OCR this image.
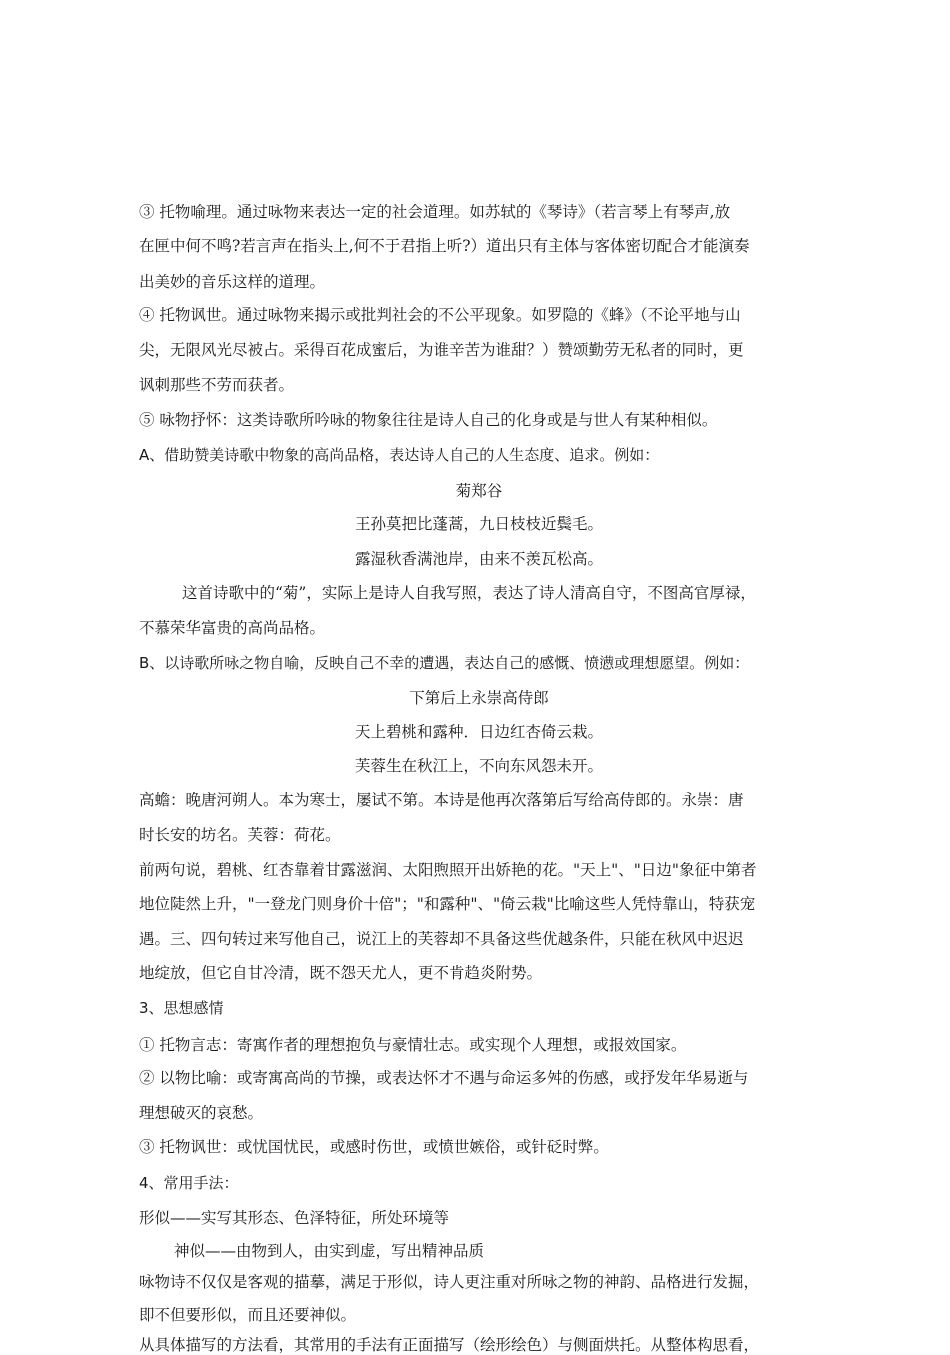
③ 托物喻理。通过咏物来表达一定的社会道理。如苏轼的《琴诗》（若言琴上有琴声,放
在匣中何不鸣?若言声在指头上,何不于君指上听?）道出只有主体与客体密切配合才能演奏
出美妙的音乐这样的道理。
④ 托物讽世。通过咏物来揭示或批判社会的不公平现象。如罗隐的《蜂》（不论平地与山
尖，无限风光尽被占。采得百花成蜜后，为谁辛苦为谁甜？）赞颂勤劳无私者的同时，更
讽刺那些不劳而获者。
⑤ 咏物抒怀：这类诗歌所吟咏的物象往往是诗人自己的化身或是与世人有某种相似。
A、借助赞美诗歌中物象的高尚品格，表达诗人自己的人生态度、追求。例如：
菊郑谷
王孙莫把比蓬蒿，九日枝枝近鬓毛。
露湿秋香满池岸，由来不羡瓦松高。
这首诗歌中的“菊”，实际上是诗人自我写照，表达了诗人清高自守，不图高官厚禄，
不慕荣华富贵的高尚品格。
B、以诗歌所咏之物自喻，反映自己不幸的遭遇，表达自己的感慨、愤懑或理想愿望。例如：
下第后上永崇高侍郎
天上碧桃和露种．日边红杏倚云栽。
芙蓉生在秋江上，不向东风怨未开。
高蟾：晚唐河朔人。本为寒士，屡试不第。本诗是他再次落第后写给高侍郎的。永崇：唐
时长安的坊名。芙蓉：荷花。
前两句说，碧桃、红杏靠着甘露滋润、太阳煦照开出娇艳的花。"天上"、"日边"象征中第者
地位陡然上升，"一登龙门则身价十倍"；"和露种"、"倚云栽"比喻这些人凭恃靠山，特获宠
遇。三、四句转过来写他自己，说江上的芙蓉却不具备这些优越条件，只能在秋风中迟迟
地绽放，但它自甘冷清，既不怨天尤人，更不肯趋炎附势。
3、思想感情
① 托物言志：寄寓作者的理想抱负与豪情壮志。或实现个人理想，或报效国家。
② 以物比喻：或寄寓高尚的节操，或表达怀才不遇与命运多舛的伤感，或抒发年华易逝与
理想破灭的哀愁。
③ 托物讽世：或忧国忧民，或感时伤世，或愤世嫉俗，或针砭时弊。
4、常用手法：
形似——实写其形态、色泽特征，所处环境等
神似——由物到人，由实到虚，写出精神品质
咏物诗不仅仅是客观的描摹，满足于形似，诗人更注重对所咏之物的神韵、品格进行发掘，
即不但要形似，而且还要神似。
从具体描写的方法看，其常用的手法有正面描写（绘形绘色）与侧面烘托。从整体构思看，
